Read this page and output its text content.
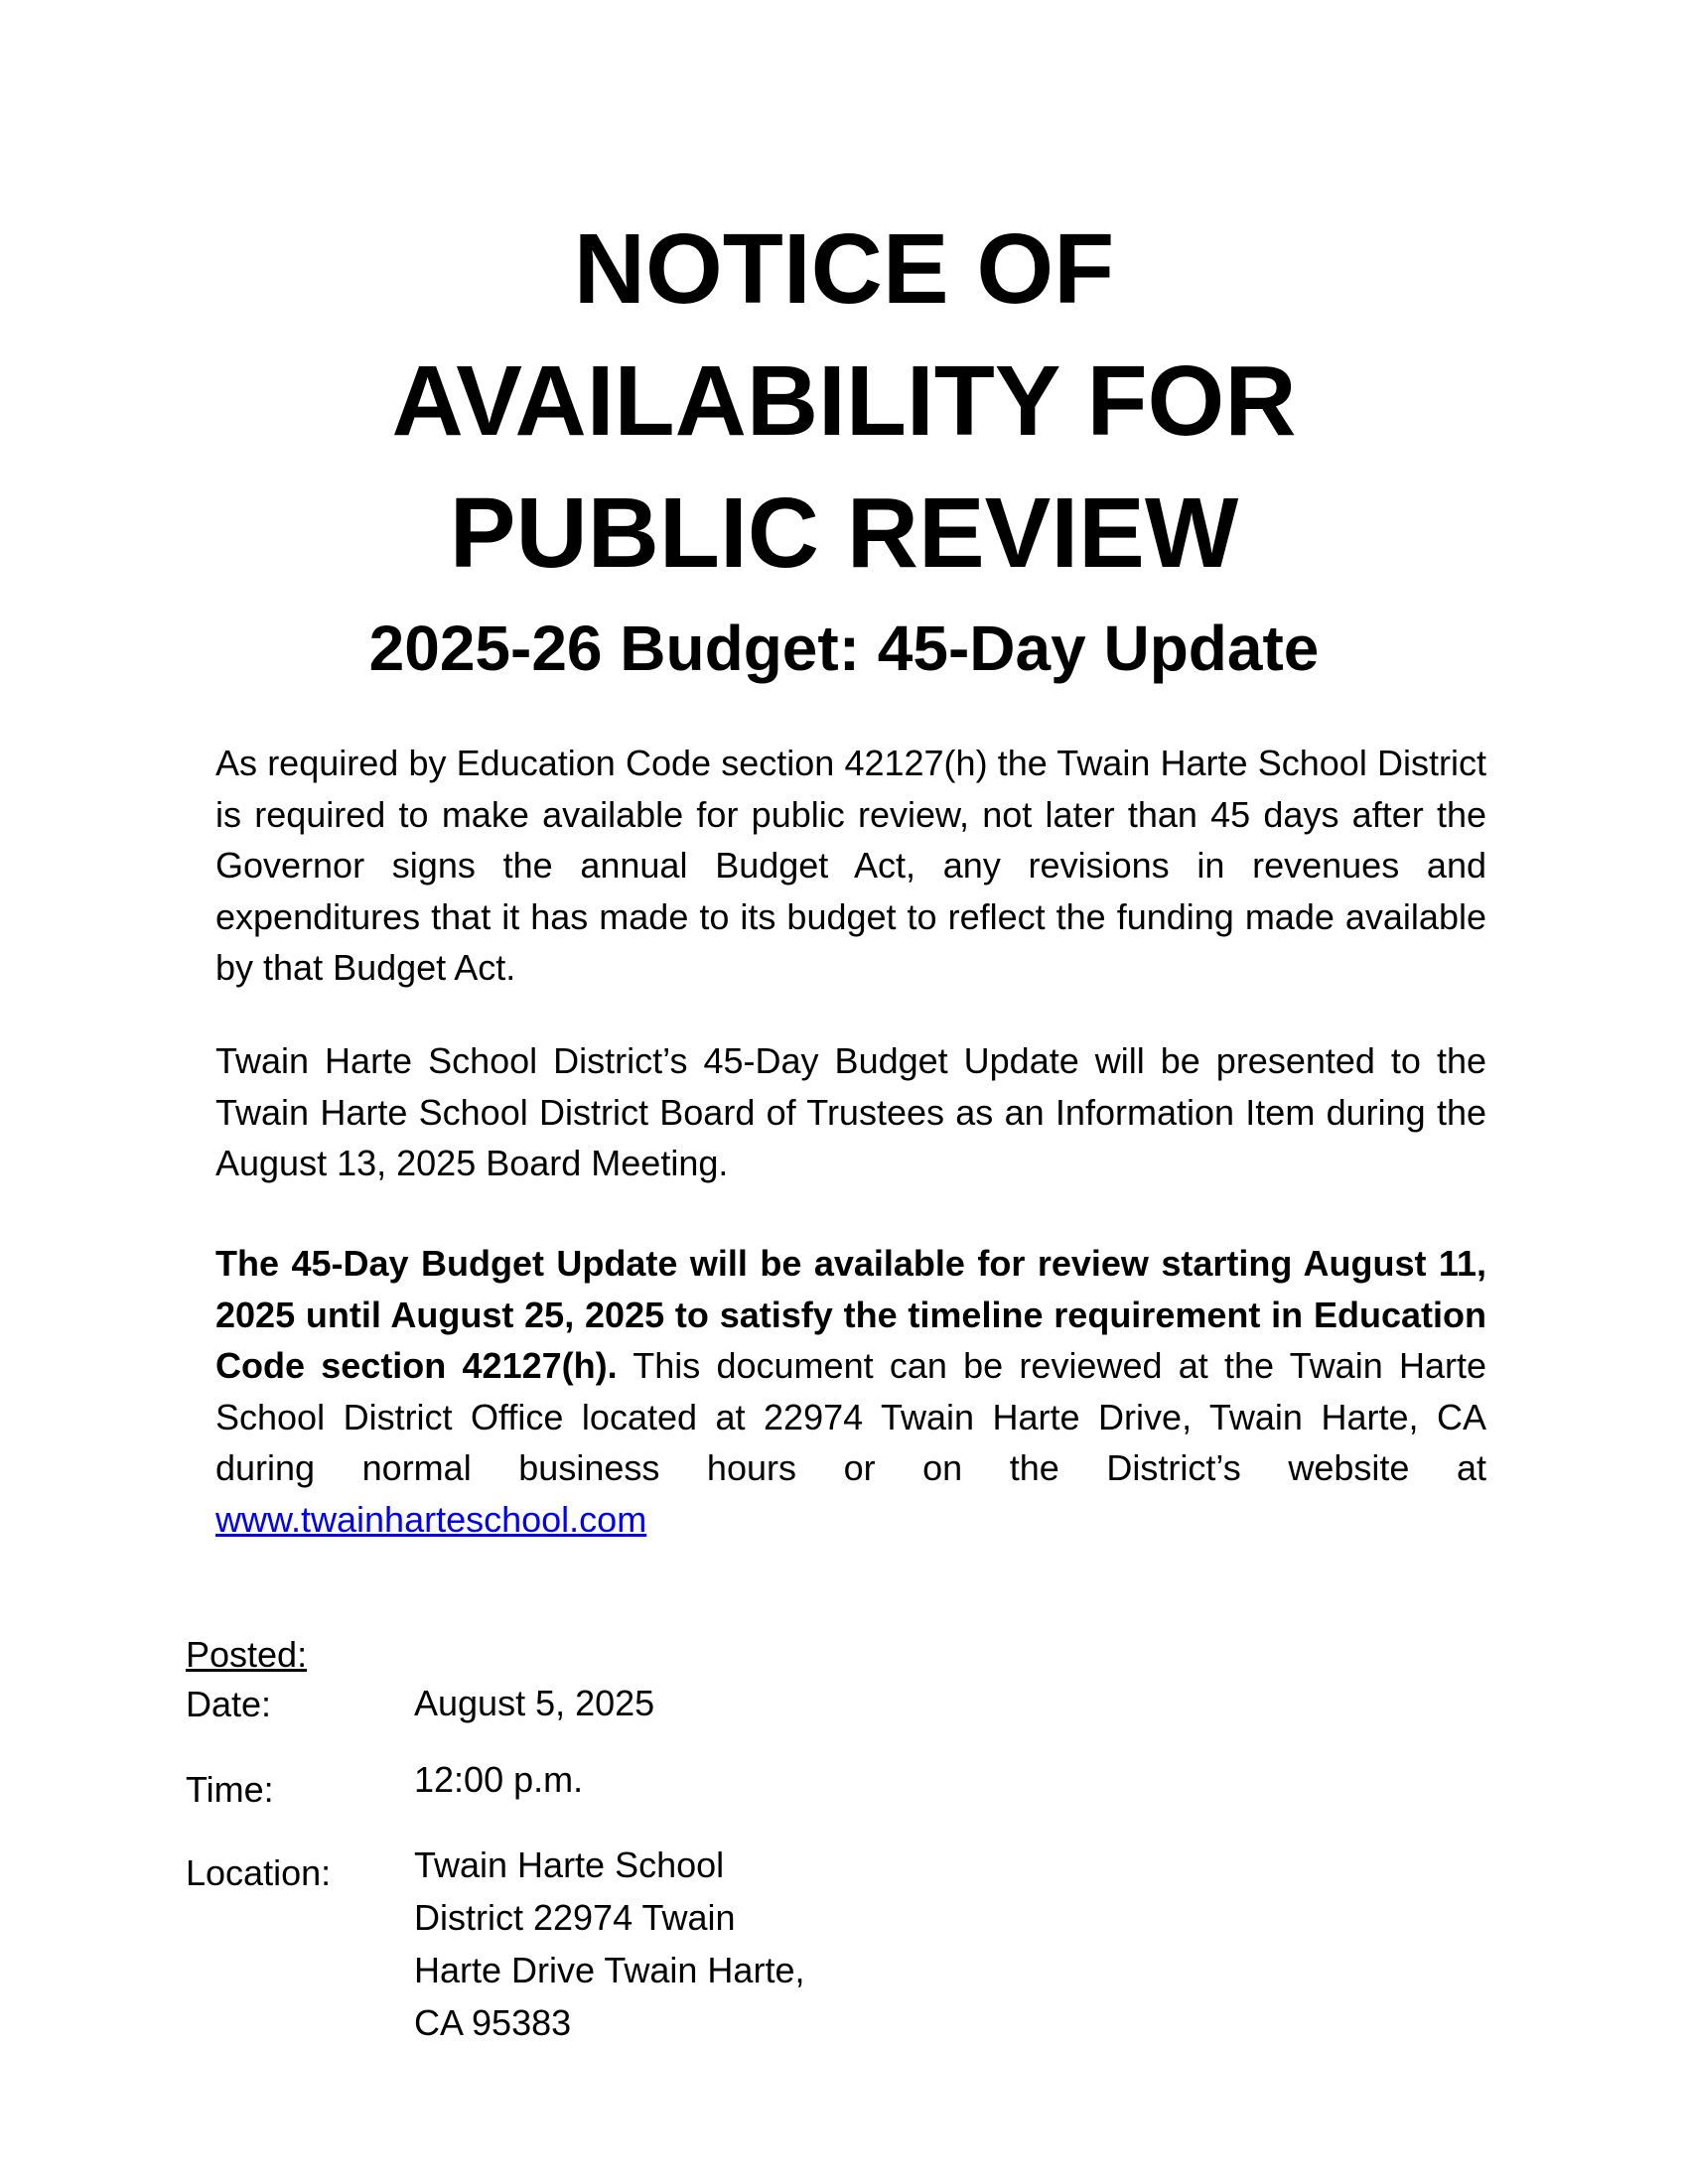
NOTICE OF
AVAILABILITY FOR
PUBLIC REVIEW
2025-26 Budget: 45-Day Update

As required by Education Code section 42127(h) the Twain Harte School District is required to make available for public review, not later than 45 days after the Governor signs the annual Budget Act, any revisions in revenues and expenditures that it has made to its budget to reflect the funding made available by that Budget Act.

Twain Harte School District’s 45-Day Budget Update will be presented to the Twain Harte School District Board of Trustees as an Information Item during the August 13, 2025 Board Meeting.

The 45-Day Budget Update will be available for review starting August 11, 2025 until August 25, 2025 to satisfy the timeline requirement in Education Code section 42127(h). This document can be reviewed at the Twain Harte School District Office located at 22974 Twain Harte Drive, Twain Harte, CA during normal business hours or on the District’s website at www.twainharteschool.com

Posted:

Date:	August 5, 2025

Time:	12:00 p.m.

Location: Twain Harte School
District 22974 Twain
Harte Drive Twain Harte,
CA 95383
